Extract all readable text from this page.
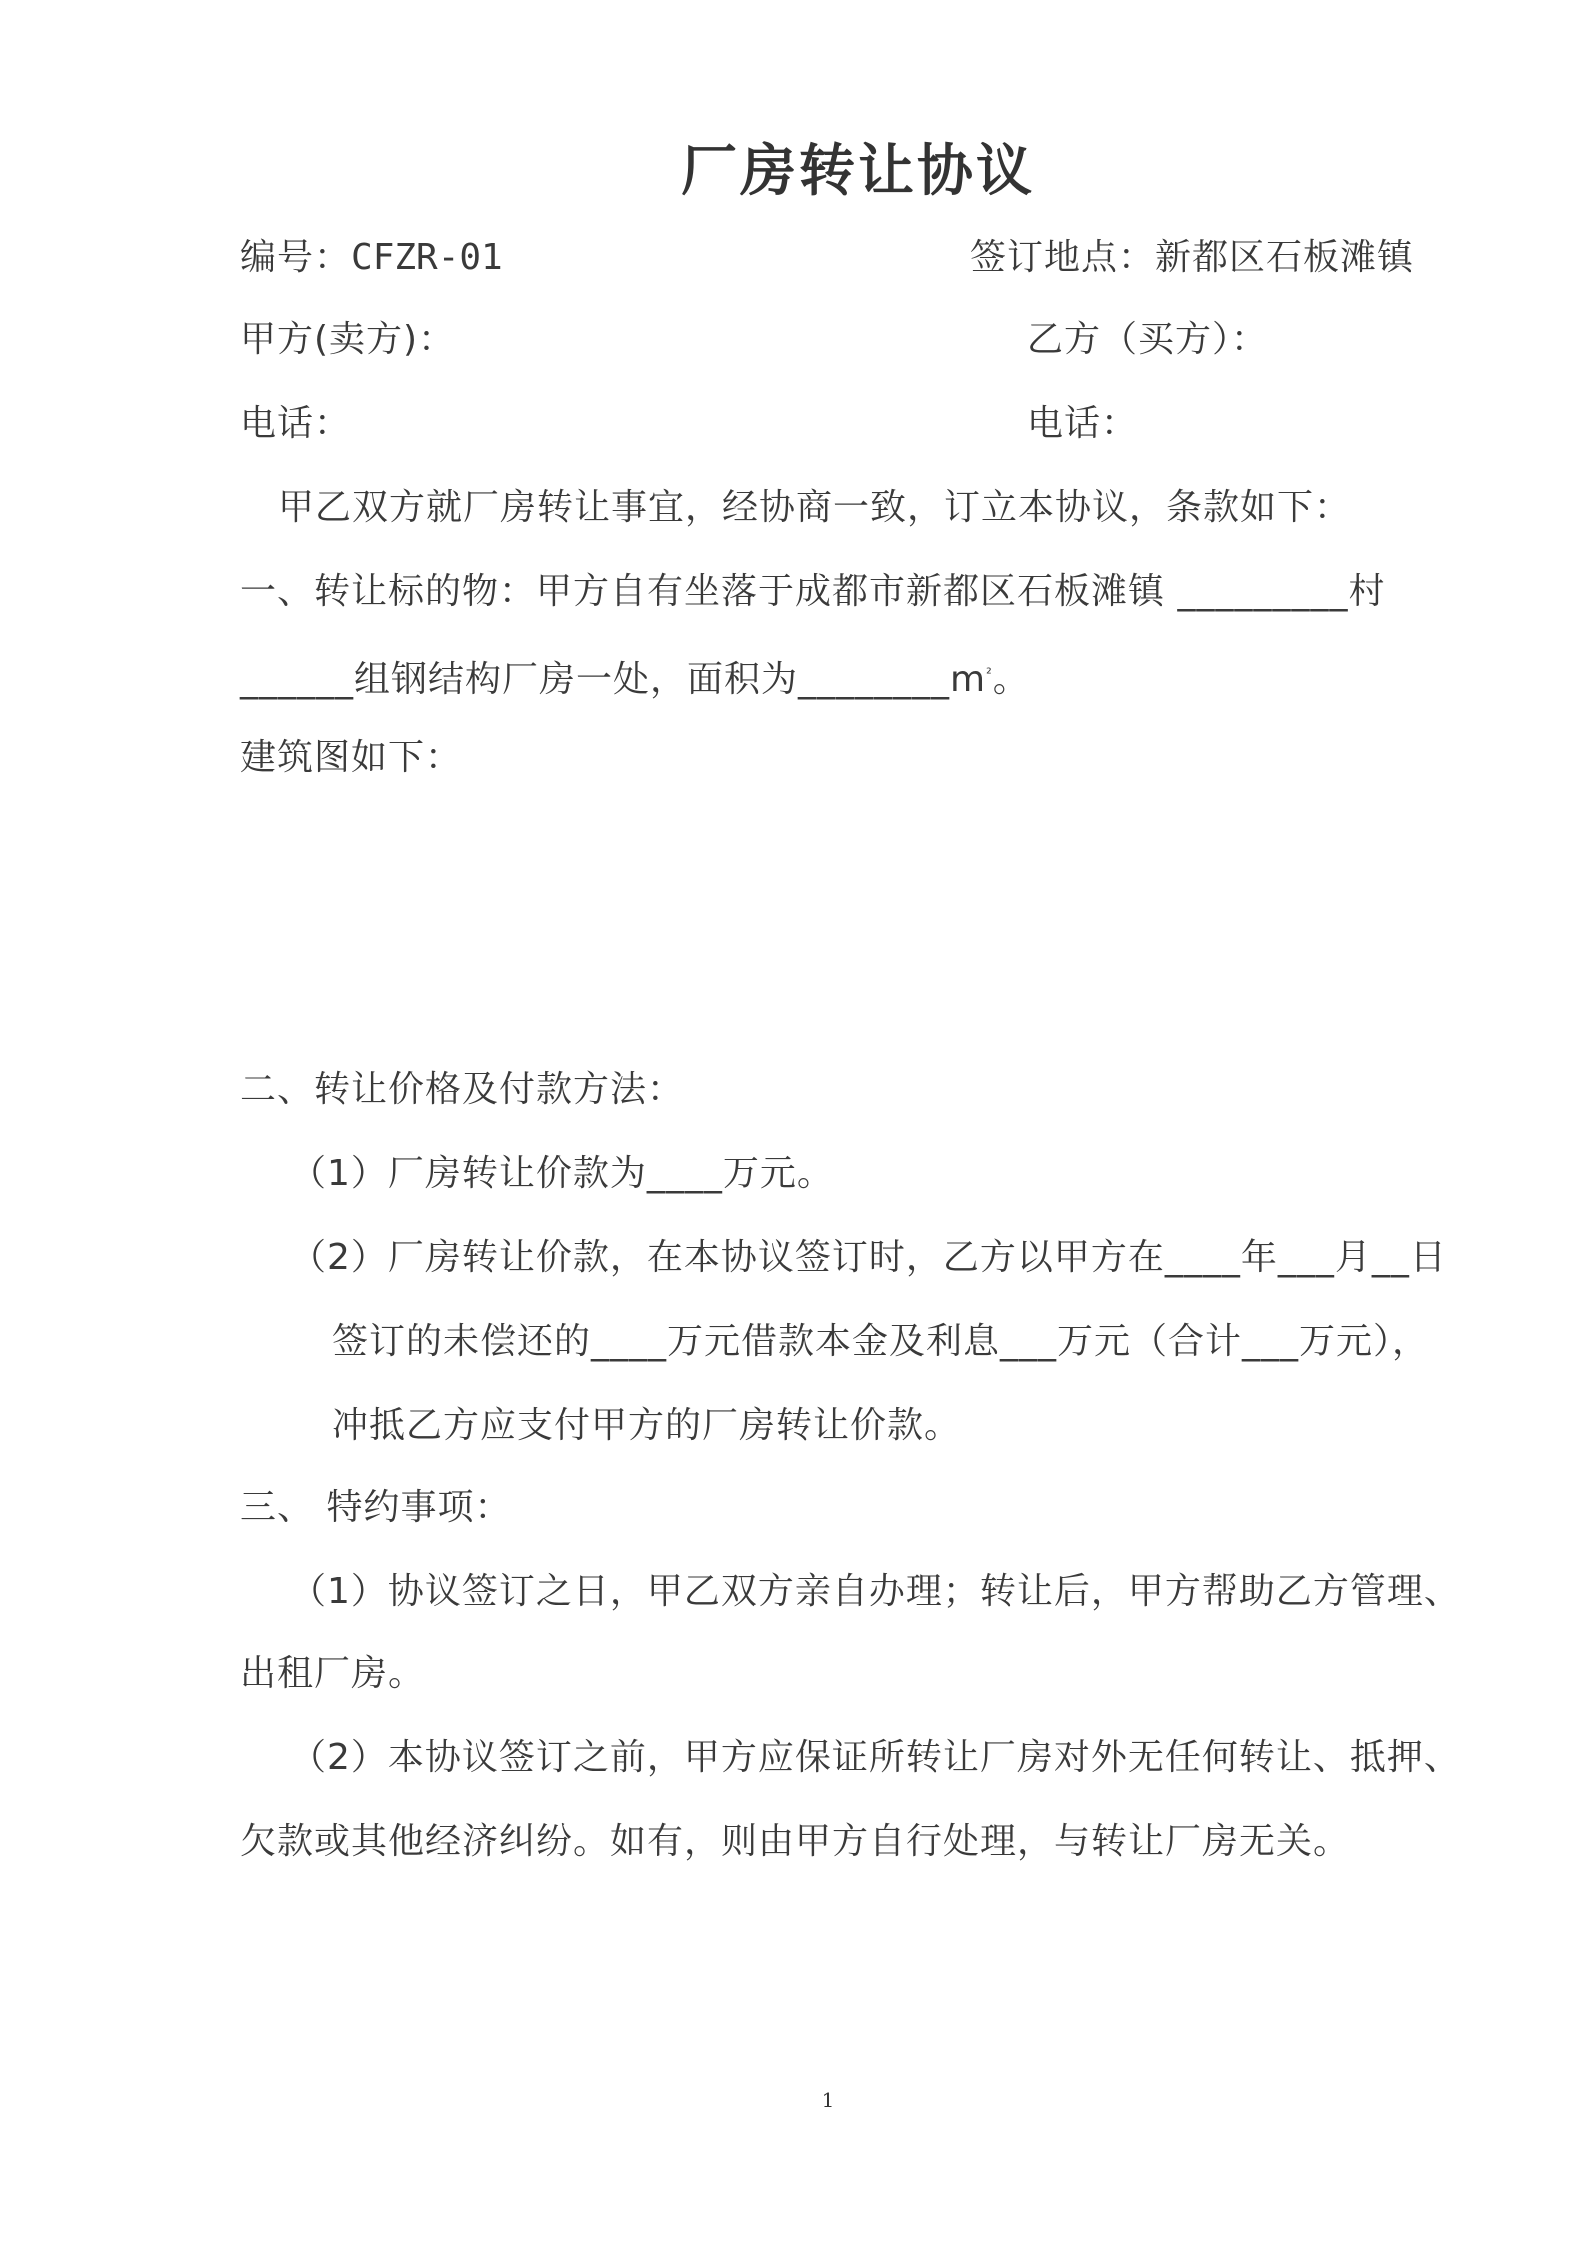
厂房转让协议
编号：CFZR-01	签订地点：新都区石板滩镇
甲方(卖方)：	乙方（买方）：
电话：	电话：
甲乙双方就厂房转让事宜，经协商一致，订立本协议，条款如下：
一、转让标的物：甲方自有坐落于成都市新都区石板滩镇 _________村
______组钢结构厂房一处，面积为$\_\_\_\_\_\_\_\_m^{^2}$。
建筑图如下：
二、转让价格及付款方法：
（1）厂房转让价款为____万元。
（2）厂房转让价款，在本协议签订时，乙方以甲方在____年___月__日
签订的未偿还的____万元借款本金及利息___万元（合计___万元），
冲抵乙方应支付甲方的厂房转让价款。
三、 特约事项：
（1）协议签订之日，甲乙双方亲自办理；转让后，甲方帮助乙方管理、
出租厂房。
（2）本协议签订之前，甲方应保证所转让厂房对外无任何转让、抵押、
欠款或其他经济纠纷。如有，则由甲方自行处理，与转让厂房无关。
1
